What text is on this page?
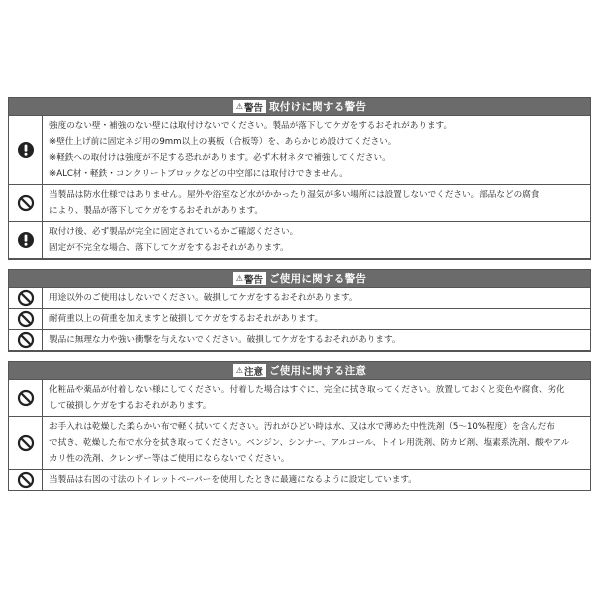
⚠ 警告 取付けに関する警告
強度のない壁・補強のない壁には取付けないでください。製品が落下してケガをするおそれがあります。
※壁仕上げ前に固定ネジ用の9mm以上の裏板（合板等）を、あらかじめ設けてください。
※軽鉄への取付けは強度が不足する恐れがあります。必ず木材ネタで補強してください。
※ALC材・軽鉄・コンクリートブロックなどの中空部には取付けできません。
当製品は防水仕様ではありません。屋外や浴室など水がかかったり湿気が多い場所には設置しないでください。部品などの腐食
により、製品が落下してケガをするおそれがあります。
取付け後、必ず製品が完全に固定されているかご確認ください。
固定が不完全な場合、落下してケガをするおそれがあります。
⚠ 警告 ご使用に関する警告
用途以外のご使用はしないでください。破損してケガをするおそれがあります。
耐荷重以上の荷重を加えますと破損してケガをするおそれがあります。
製品に無理な力や強い衝撃を与えないでください。破損してケガをするおそれがあります。
⚠ 注意 ご使用に関する注意
化粧品や薬品が付着しない様にしてください。付着した場合はすぐに、完全に拭き取ってください。放置しておくと変色や腐食、劣化
して破損しケガをするおそれがあります。
お手入れは乾燥した柔らかい布で軽く拭いてください。汚れがひどい時は水、又は水で薄めた中性洗剤（5～10%程度）を含んだ布
で拭き、乾燥した布で水分を拭き取ってください。ベンジン、シンナー、アルコール、トイレ用洗剤、防カビ剤、塩素系洗剤、酸やアル
カリ性の洗剤、クレンザー等はご使用にならないでください。
当製品は右図の寸法のトイレットペーパーを使用したときに最適になるように設定しています。
